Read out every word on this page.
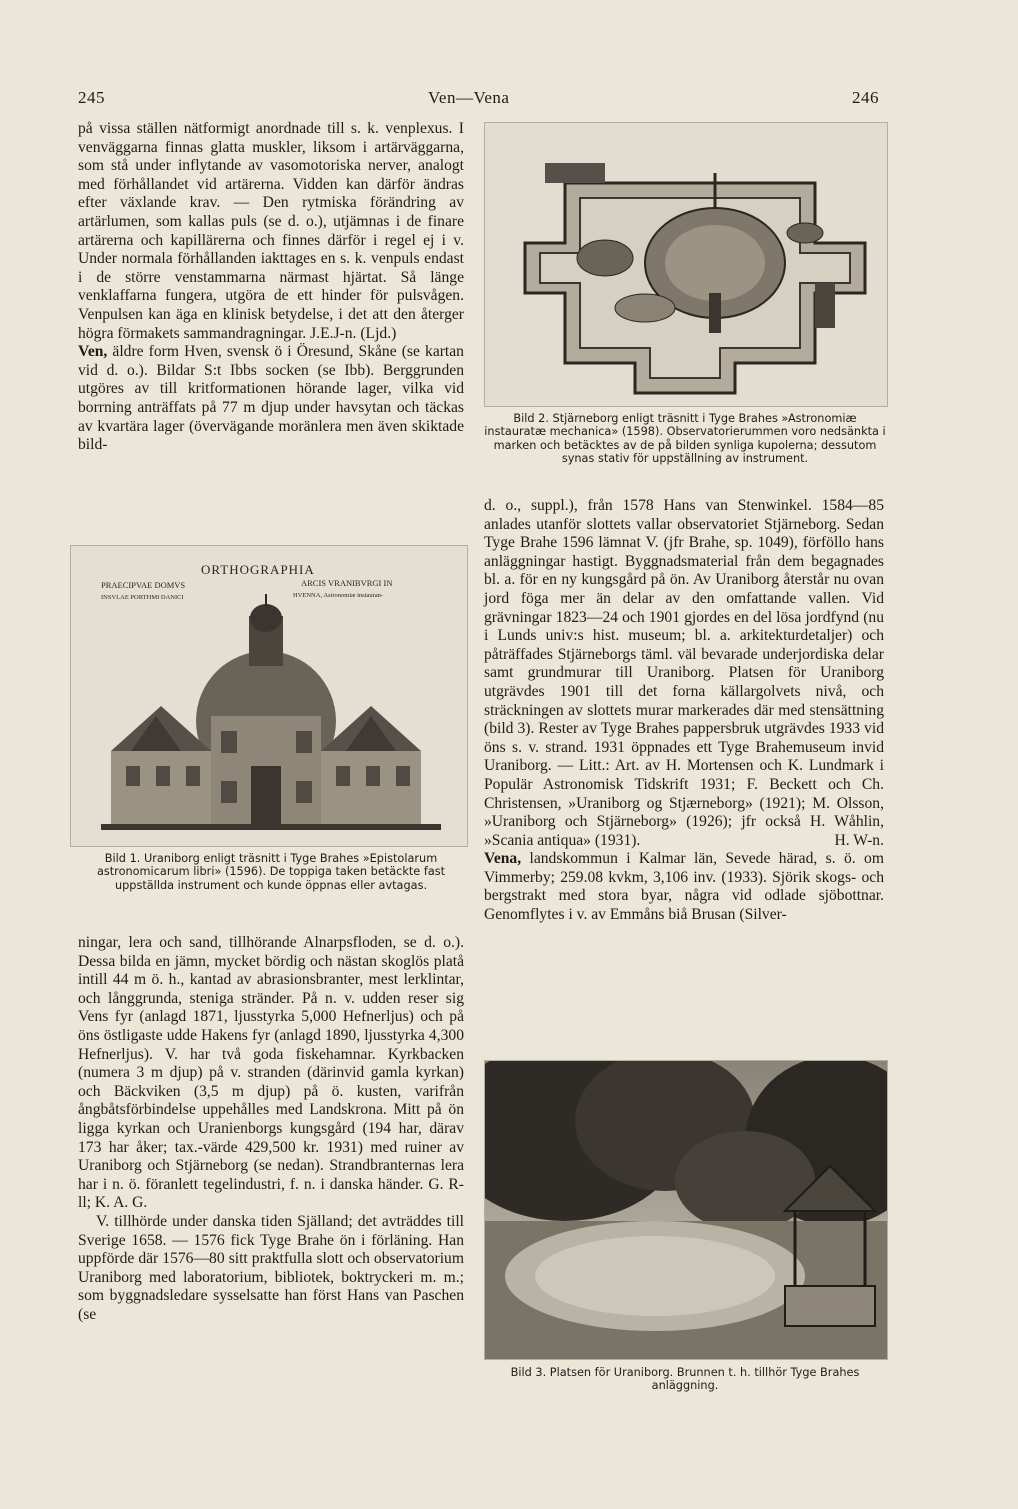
245	Ven—Vena	246

på vissa ställen nätformigt anordnade till s. k. venplexus. I venväggarna finnas glatta muskler, liksom i artärväggarna, som stå under inflytande av vasomotoriska nerver, analogt med förhållandet vid artärerna. Vidden kan därför ändras efter växlande krav. — Den rytmiska förändring av artärlumen, som kallas puls (se d. o.), utjämnas i de finare artärerna och kapillärerna och finnes därför i regel ej i v. Under normala förhållanden iakttages en s. k. venpuls endast i de större venstammarna närmast hjärtat. Så länge venklaffarna fungera, utgöra de ett hinder för pulsvågen. Venpulsen kan äga en klinisk betydelse, i det att den återger högra förmakets sammandragningar. J.E.J-n. (Ljd.)

Ven, äldre form Hven, svensk ö i Öresund, Skåne (se kartan vid d. o.). Bildar S:t Ibbs socken (se Ibb). Berggrunden utgöres av till kritformationen hörande lager, vilka vid borrning anträffats på 77 m djup under havsytan och täckas av kvartära lager (övervägande moränlera men även skiktade bild-

ORTHOGRAPHIA
PRAECIPVAE DOMVS
INSVLAE PORTHMI DANICI
ARCIS VRANIBVRGI IN
HVENNA, Astronomiæ instauran-
Bild 1. Uraniborg enligt träsnitt i Tyge Brahes »Epistolarum astronomicarum libri» (1596). De toppiga taken betäckte fast uppställda instrument och kunde öppnas eller avtagas.

ningar, lera och sand, tillhörande Alnarpsfloden, se d. o.). Dessa bilda en jämn, mycket bördig och nästan skoglös platå intill 44 m ö. h., kantad av abrasionsbranter, mest lerklintar, och långgrunda, steniga stränder. På n. v. udden reser sig Vens fyr (anlagd 1871, ljusstyrka 5,000 Hefnerljus) och på öns östligaste udde Hakens fyr (anlagd 1890, ljusstyrka 4,300 Hefnerljus). V. har två goda fiskehamnar. Kyrkbacken (numera 3 m djup) på v. stranden (därinvid gamla kyrkan) och Bäckviken (3,5 m djup) på ö. kusten, varifrån ångbåtsförbindelse uppehålles med Landskrona. Mitt på ön ligga kyrkan och Uranienborgs kungsgård (194 har, därav 173 har åker; tax.-värde 429,500 kr. 1931) med ruiner av Uraniborg och Stjärneborg (se nedan). Strandbranternas lera har i n. ö. föranlett tegelindustri, f. n. i danska händer. G. R-ll; K. A. G.

V. tillhörde under danska tiden Själland; det avträddes till Sverige 1658. — 1576 fick Tyge Brahe ön i förläning. Han uppförde där 1576—80 sitt praktfulla slott och observatorium Uraniborg med laboratorium, bibliotek, boktryckeri m. m.; som byggnadsledare sysselsatte han först Hans van Paschen (se

Bild 2. Stjärneborg enligt träsnitt i Tyge Brahes »Astronomiæ instauratæ mechanica» (1598). Observatorierummen voro nedsänkta i marken och betäcktes av de på bilden synliga kupolerna; dessutom synas stativ för uppställning av instrument.

d. o., suppl.), från 1578 Hans van Stenwinkel. 1584—85 anlades utanför slottets vallar observatoriet Stjärneborg. Sedan Tyge Brahe 1596 lämnat V. (jfr Brahe, sp. 1049), förföllo hans anläggningar hastigt. Byggnadsmaterial från dem begagnades bl. a. för en ny kungsgård på ön. Av Uraniborg återstår nu ovan jord föga mer än delar av den omfattande vallen. Vid grävningar 1823—24 och 1901 gjordes en del lösa jordfynd (nu i Lunds univ:s hist. museum; bl. a. arkitekturdetaljer) och påträffades Stjärneborgs täml. väl bevarade underjordiska delar samt grundmurar till Uraniborg. Platsen för Uraniborg utgrävdes 1901 till det forna källargolvets nivå, och sträckningen av slottets murar markerades där med stensättning (bild 3). Rester av Tyge Brahes pappersbruk utgrävdes 1933 vid öns s. v. strand. 1931 öppnades ett Tyge Brahemuseum invid Uraniborg. — Litt.: Art. av H. Mortensen och K. Lundmark i Populär Astronomisk Tidskrift 1931; F. Beckett och Ch. Christensen, »Uraniborg og Stjærneborg» (1921); M. Olsson, »Uraniborg och Stjärneborg» (1926); jfr också H. Wåhlin, »Scania antiqua» (1931).	H. W-n.

Vena, landskommun i Kalmar län, Sevede härad, s. ö. om Vimmerby; 259.08 kvkm, 3,106 inv. (1933). Sjörik skogs- och bergstrakt med stora byar, några vid odlade sjöbottnar. Genomflytes i v. av Emmåns biå Brusan (Silver-

Bild 3. Platsen för Uraniborg. Brunnen t. h. tillhör Tyge Brahes anläggning.
